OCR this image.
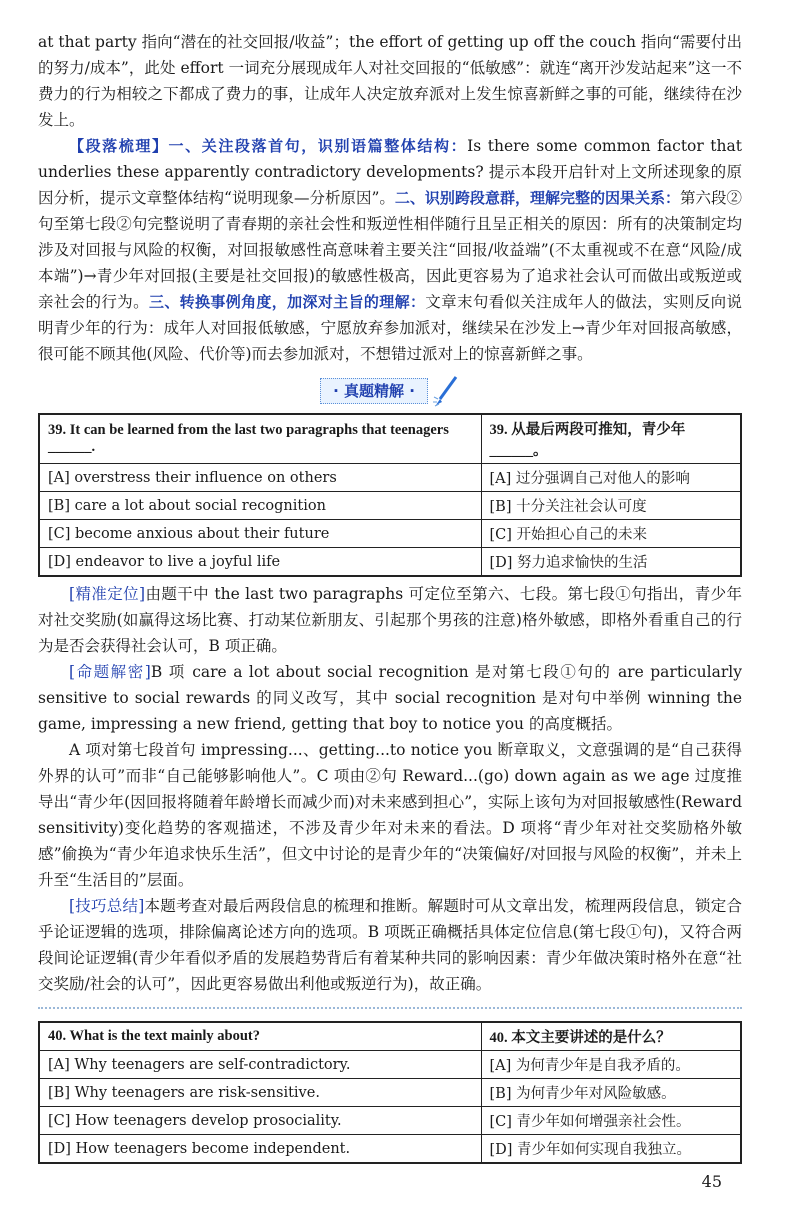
at that party 指向“潜在的社交回报/收益”；the effort of getting up off the couch 指向“需要付出的努力/成本”，此处 effort 一词充分展现成年人对社交回报的“低敏感”：就连“离开沙发站起来”这一不费力的行为相较之下都成了费力的事，让成年人决定放弃派对上发生惊喜新鲜之事的可能，继续待在沙发上。
【段落梳理】一、关注段落首句，识别语篇整体结构：Is there some common factor that underlies these apparently contradictory developments? 提示本段开启针对上文所述现象的原因分析，提示文章整体结构“说明现象—分析原因”。二、识别跨段意群，理解完整的因果关系：第六段②句至第七段②句完整说明了青春期的亲社会性和叛逆性相伴随行且呈正相关的原因：所有的决策制定均涉及对回报与风险的权衡，对回报敏感性高意味着主要关注“回报/收益端”(不太重视或不在意“风险/成本端”)→青少年对回报(主要是社交回报)的敏感性极高，因此更容易为了追求社会认可而做出或叛逆或亲社会的行为。三、转换事例角度，加深对主旨的理解：文章末句看似关注成年人的做法，实则反向说明青少年的行为：成年人对回报低敏感，宁愿放弃参加派对，继续呆在沙发上→青少年对回报高敏感，很可能不顾其他(风险、代价等)而去参加派对，不想错过派对上的惊喜新鲜之事。
· 真题精解 ·
39. It can be learned from the last two paragraphs that teenagers ______.	39. 从最后两段可推知，青少年______。
[A] overstress their influence on others	[A] 过分强调自己对他人的影响
[B] care a lot about social recognition	[B] 十分关注社会认可度
[C] become anxious about their future	[C] 开始担心自己的未来
[D] endeavor to live a joyful life	[D] 努力追求愉快的生活
[精准定位]由题干中 the last two paragraphs 可定位至第六、七段。第七段①句指出，青少年对社交奖励(如赢得这场比赛、打动某位新朋友、引起那个男孩的注意)格外敏感，即格外看重自己的行为是否会获得社会认可，B 项正确。
[命题解密]B 项 care a lot about social recognition 是对第七段①句的 are particularly sensitive to social rewards 的同义改写，其中 social recognition 是对句中举例 winning the game, impressing a new friend, getting that boy to notice you 的高度概括。
A 项对第七段首句 impressing...、getting...to notice you 断章取义，文意强调的是“自己获得外界的认可”而非“自己能够影响他人”。C 项由②句 Reward...(go) down again as we age 过度推导出“青少年(因回报将随着年龄增长而减少而)对未来感到担心”，实际上该句为对回报敏感性(Reward sensitivity)变化趋势的客观描述，不涉及青少年对未来的看法。D 项将“青少年对社交奖励格外敏感”偷换为“青少年追求快乐生活”，但文中讨论的是青少年的“决策偏好/对回报与风险的权衡”，并未上升至“生活目的”层面。
[技巧总结]本题考查对最后两段信息的梳理和推断。解题时可从文章出发，梳理两段信息，锁定合乎论证逻辑的选项，排除偏离论述方向的选项。B 项既正确概括具体定位信息(第七段①句)，又符合两段间论证逻辑(青少年看似矛盾的发展趋势背后有着某种共同的影响因素：青少年做决策时格外在意“社交奖励/社会的认可”，因此更容易做出利他或叛逆行为)，故正确。
40. What is the text mainly about?	40. 本文主要讲述的是什么？
[A] Why teenagers are self-contradictory.	[A] 为何青少年是自我矛盾的。
[B] Why teenagers are risk-sensitive.	[B] 为何青少年对风险敏感。
[C] How teenagers develop prosociality.	[C] 青少年如何增强亲社会性。
[D] How teenagers become independent.	[D] 青少年如何实现自我独立。
45
